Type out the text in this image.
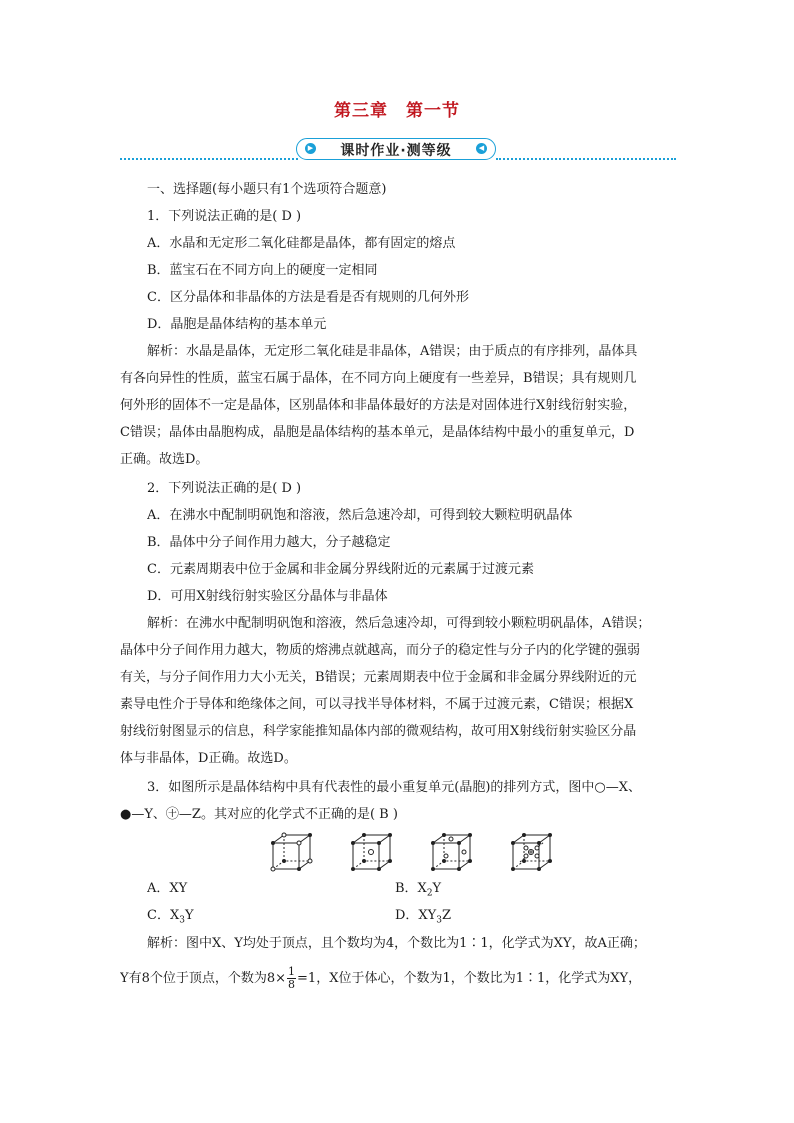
第三章　第一节
▶	课时作业·测等级	◀
一、选择题(每小题只有1个选项符合题意)
1．下列说法正确的是( D )
A．水晶和无定形二氧化硅都是晶体，都有固定的熔点
B．蓝宝石在不同方向上的硬度一定相同
C．区分晶体和非晶体的方法是看是否有规则的几何外形
D．晶胞是晶体结构的基本单元
解析：水晶是晶体，无定形二氧化硅是非晶体，A错误；由于质点的有序排列，晶体具
有各向异性的性质，蓝宝石属于晶体，在不同方向上硬度有一些差异，B错误；具有规则几
何外形的固体不一定是晶体，区别晶体和非晶体最好的方法是对固体进行X射线衍射实验，
C错误；晶体由晶胞构成，晶胞是晶体结构的基本单元，是晶体结构中最小的重复单元，D
正确。故选D。
2．下列说法正确的是( D )
A．在沸水中配制明矾饱和溶液，然后急速冷却，可得到较大颗粒明矾晶体
B．晶体中分子间作用力越大，分子越稳定
C．元素周期表中位于金属和非金属分界线附近的元素属于过渡元素
D．可用X射线衍射实验区分晶体与非晶体
解析：在沸水中配制明矾饱和溶液，然后急速冷却，可得到较小颗粒明矾晶体，A错误；
晶体中分子间作用力越大，物质的熔沸点就越高，而分子的稳定性与分子内的化学键的强弱
有关，与分子间作用力大小无关，B错误；元素周期表中位于金属和非金属分界线附近的元
素导电性介于导体和绝缘体之间，可以寻找半导体材料，不属于过渡元素，C错误；根据X
射线衍射图显示的信息，科学家能推知晶体内部的微观结构，故可用X射线衍射实验区分晶
体与非晶体，D正确。故选D。
3．如图所示是晶体结构中具有代表性的最小重复单元(晶胞)的排列方式，图中○—X、
●—Y、㊉—Z。其对应的化学式不正确的是( B )
A．XY	B．$X_2Y$
C．$X_3Y$	D．$XY_3Z$
解析：图中X、Y均处于顶点，且个数均为4，个数比为1∶1，化学式为XY，故A正确；
Y有8个位于顶点，个数为$8\times \frac{1}{8} =1$，X位于体心，个数为1，个数比为1∶1，化学式为XY，
